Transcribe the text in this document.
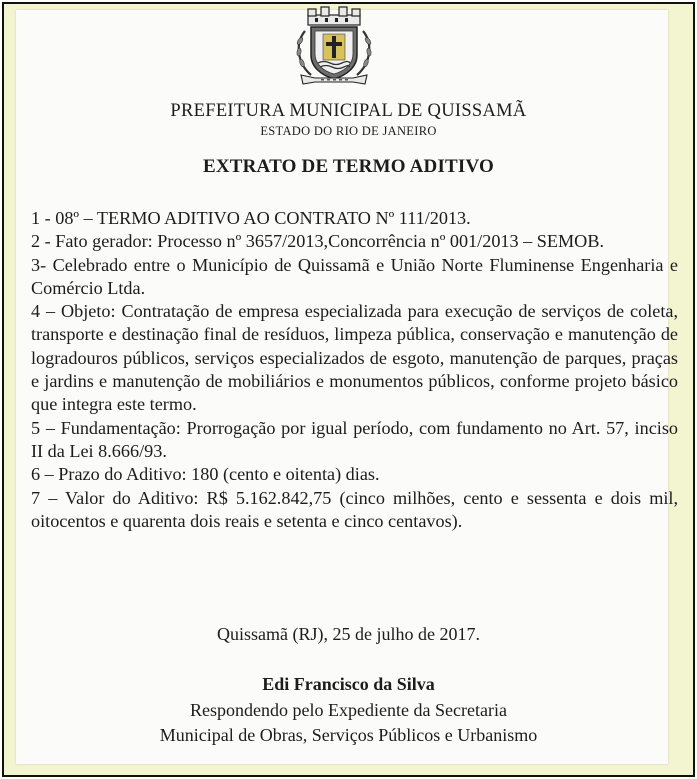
PREFEITURA MUNICIPAL DE QUISSAMÃ
ESTADO DO RIO DE JANEIRO
EXTRATO DE TERMO ADITIVO

1 - 08º – TERMO ADITIVO AO CONTRATO Nº 111/2013.

2 - Fato gerador: Processo nº 3657/2013,Concorrência nº 001/2013 – SEMOB.

3- Celebrado entre o Município de Quissamã e União Norte Fluminense Engenharia e Comércio Ltda.

4 – Objeto: Contratação de empresa especializada para execução de serviços de coleta, transporte e destinação final de resíduos, limpeza pública, conservação e manutenção de logradouros públicos, serviços especializados de esgoto, manutenção de parques, praças e jardins e manutenção de mobiliários e monumentos públicos, conforme projeto básico que integra este termo.

5 – Fundamentação: Prorrogação por igual período, com fundamento no Art. 57, inciso II da Lei 8.666/93.

6 – Prazo do Aditivo: 180 (cento e oitenta) dias.

7 – Valor do Aditivo: R$ 5.162.842,75 (cinco milhões, cento e sessenta e dois mil, oitocentos e quarenta dois reais e setenta e cinco centavos).

Quissamã (RJ), 25 de julho de 2017.
Edi Francisco da Silva
Respondendo pelo Expediente da Secretaria
Municipal de Obras, Serviços Públicos e Urbanismo
